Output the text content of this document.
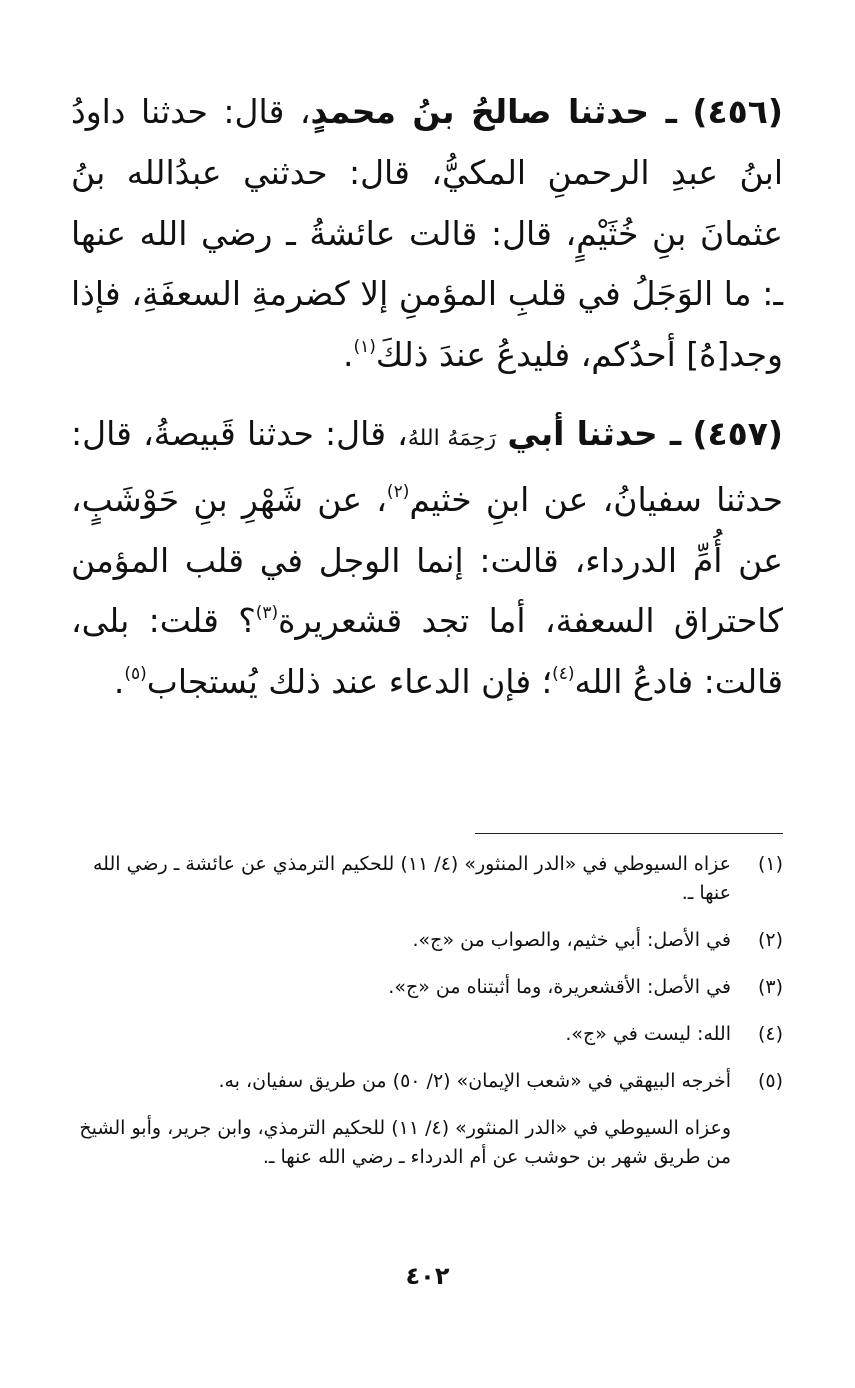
(٤٥٦) ـ حدثنا صالحُ بنُ محمدٍ، قال: حدثنا داودُ ابنُ عبدِ الرحمنِ المكيُّ، قال: حدثني عبدُالله بنُ عثمانَ بنِ خُثَيْمٍ، قال: قالت عائشةُ ـ رضي الله عنها ـ: ما الوَجَلُ في قلبِ المؤمنِ إلا كضرمةِ السعفَةِ، فإذا وجد[هُ] أحدُكم، فليدعُ عندَ ذلكَ$^{(١)}$.

(٤٥٧) ـ حدثنا أبي رَحِمَهُ اللهُ، قال: حدثنا قَبيصةُ، قال: حدثنا سفيانُ، عن ابنِ خثيم$^{(٢)}$، عن شَهْرِ بنِ حَوْشَبٍ، عن أُمِّ الدرداء، قالت: إنما الوجل في قلب المؤمن كاحتراق السعفة، أما تجد قشعريرة$^{(٣)}$؟ قلت: بلى، قالت: فادعُ الله$^{(٤)}$؛ فإن الدعاء عند ذلك يُستجاب$^{(٥)}$.

(١)
عزاه السيوطي في «الدر المنثور» (٤/ ١١) للحكيم الترمذي عن عائشة ـ رضي الله عنها ـ.
(٢)
في الأصل: أبي خثيم، والصواب من «ج».
(٣)
في الأصل: الأقشعريرة، وما أثبتناه من «ج».
(٤)
الله: ليست في «ج».
(٥)
أخرجه البيهقي في «شعب الإيمان» (٢/ ٥٠) من طريق سفيان، به.
وعزاه السيوطي في «الدر المنثور» (٤/ ١١) للحكيم الترمذي، وابن جرير، وأبو الشيخ من طريق شهر بن حوشب عن أم الدرداء ـ رضي الله عنها ـ.
٤٠٢
